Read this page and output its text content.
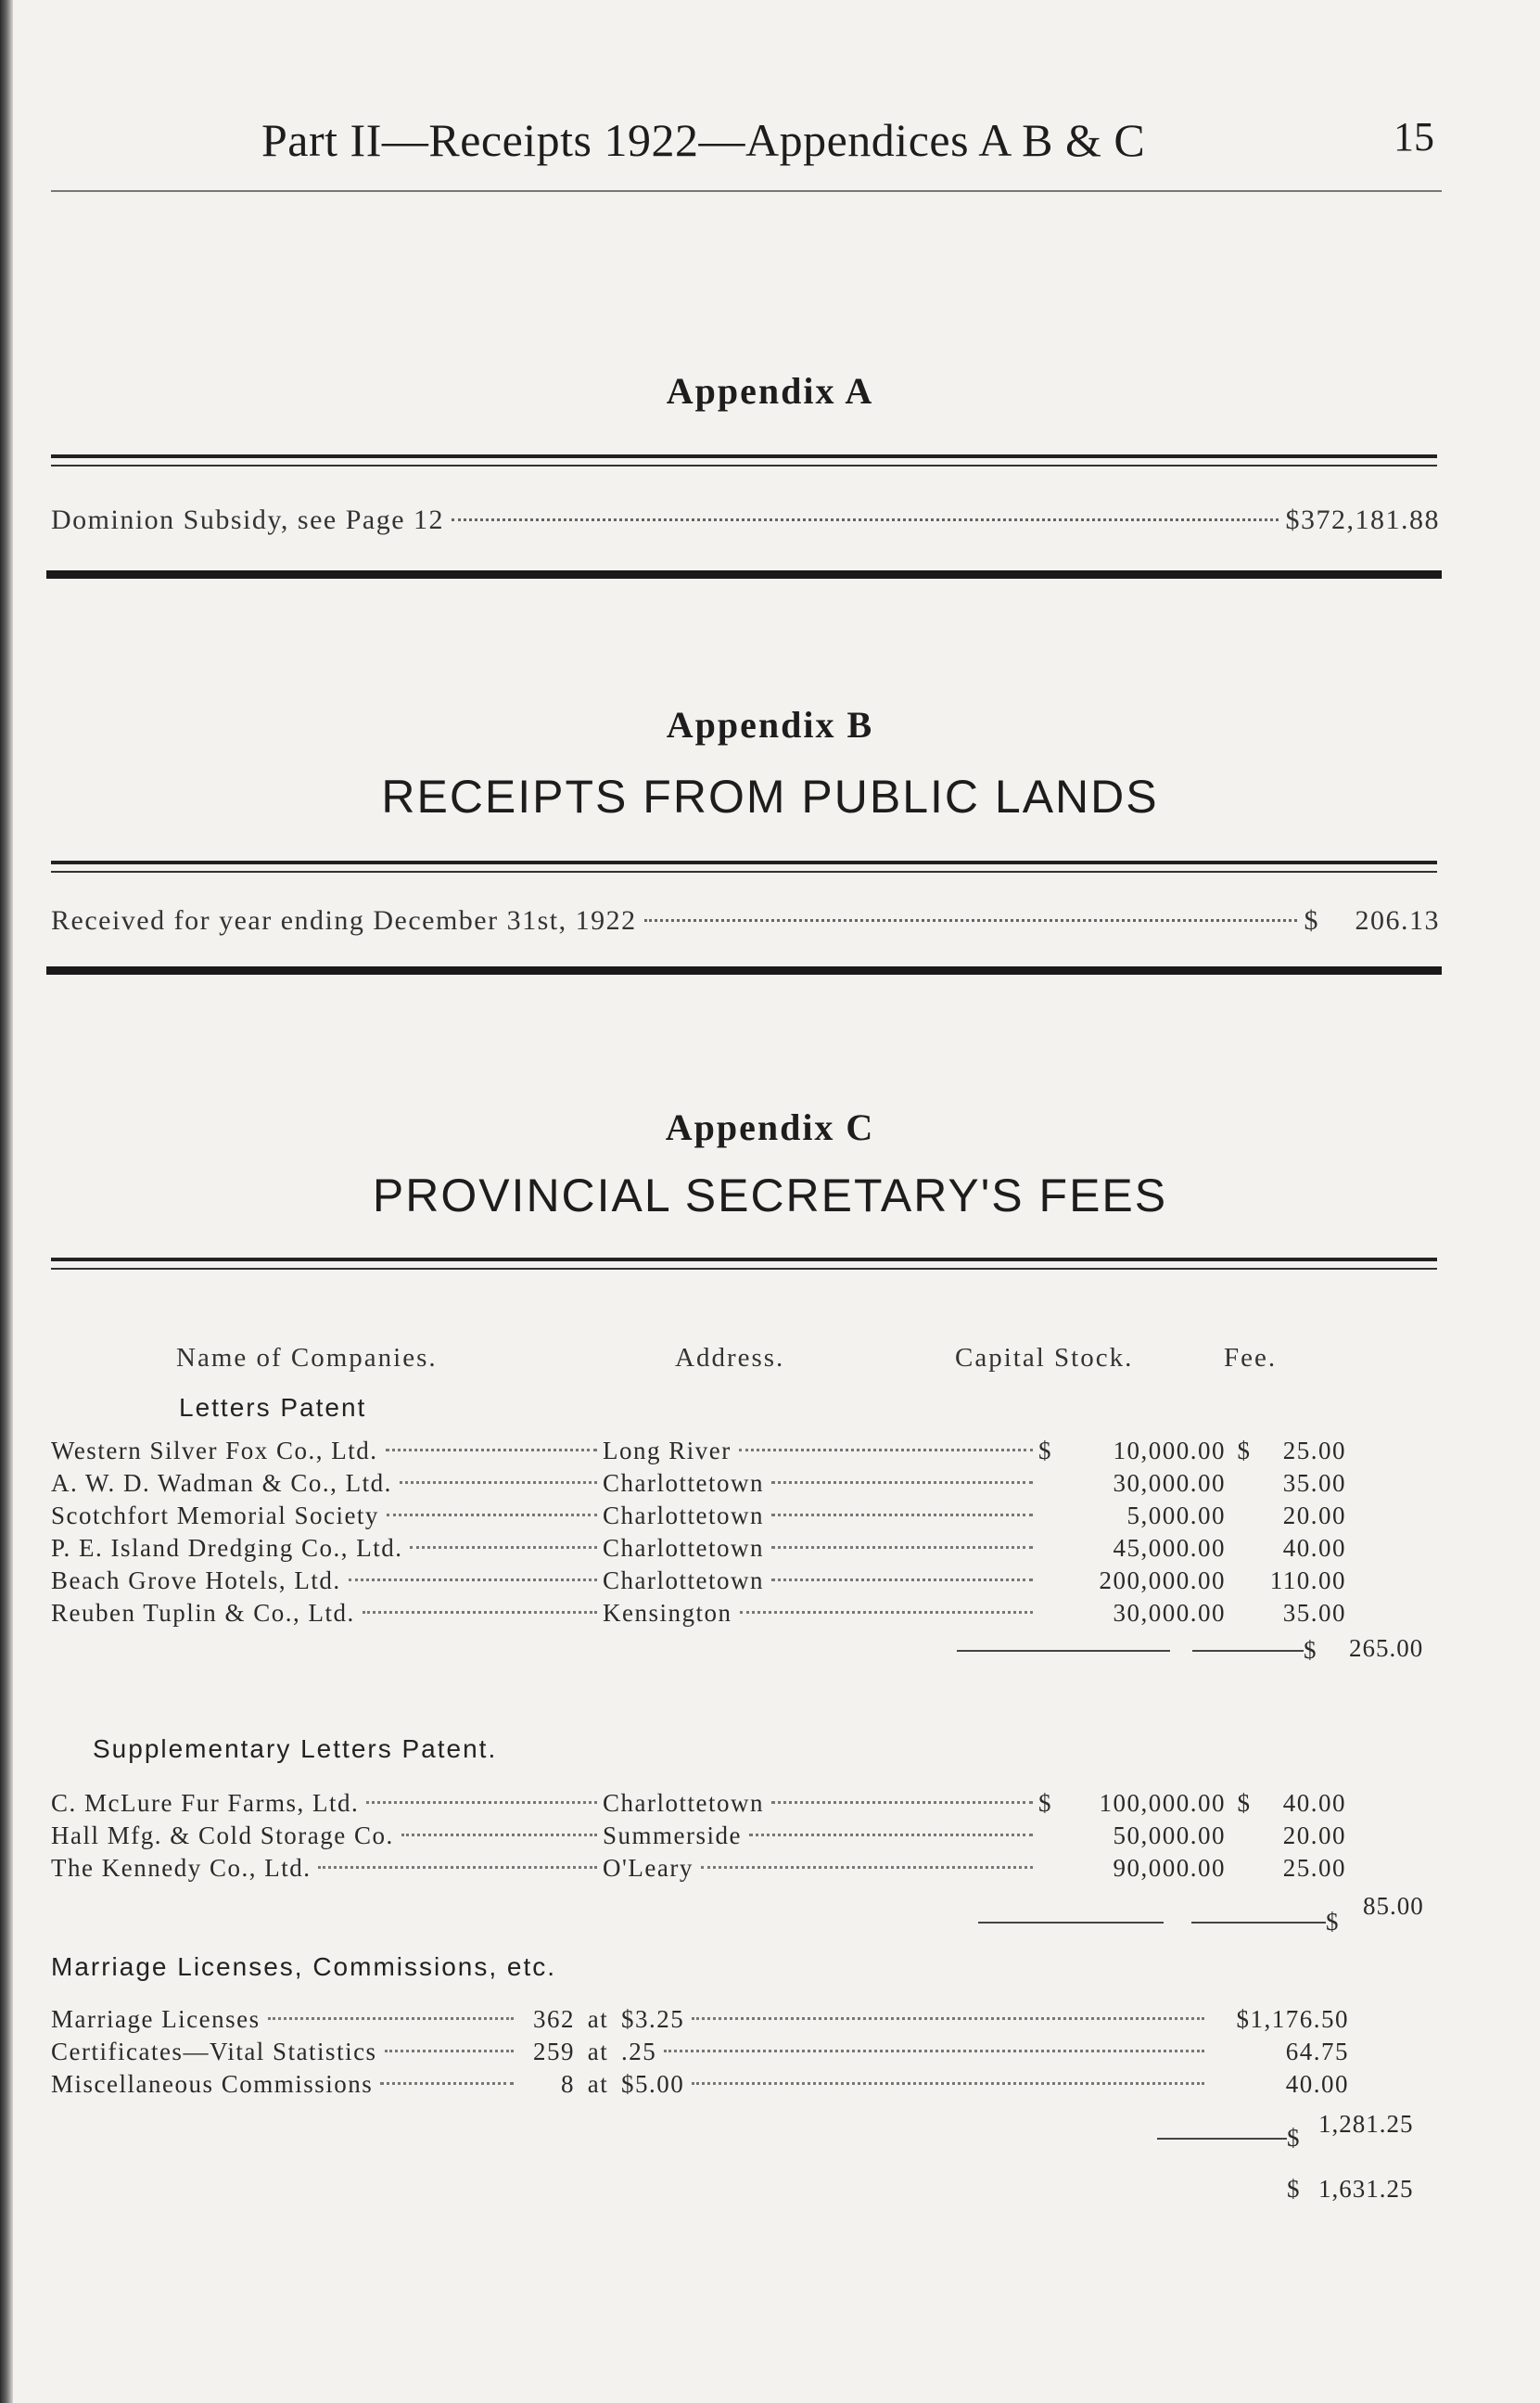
Part II—Receipts 1922—Appendices A B & C	15
Appendix A
Dominion Subsidy, see Page 12	$372,181.88
Appendix B
RECEIPTS FROM PUBLIC LANDS
Received for year ending December 31st, 1922	$	206.13
Appendix C
PROVINCIAL SECRETARY'S FEES
Name of Companies.	Address.	Capital Stock.	Fee.
Letters Patent
Western Silver Fox Co., Ltd.	Long River	$	10,000.00	$	25.00
A. W. D. Wadman & Co., Ltd.	Charlottetown		30,000.00		35.00
Scotchfort Memorial Society	Charlottetown		5,000.00		20.00
P. E. Island Dredging Co., Ltd.	Charlottetown		45,000.00		40.00
Beach Grove Hotels, Ltd.	Charlottetown		200,000.00		110.00
Reuben Tuplin & Co., Ltd.	Kensington		30,000.00		35.00
$ 265.00
Supplementary Letters Patent.
C. McLure Fur Farms, Ltd.	Charlottetown	$	100,000.00	$	40.00
Hall Mfg. & Cold Storage Co.	Summerside		50,000.00		20.00
The Kennedy Co., Ltd.	O'Leary		90,000.00		25.00
$
85.00
Marriage Licenses, Commissions, etc.
Marriage Licenses	362	at	$3.25	$1,176.50
Certificates—Vital Statistics	259	at	.25	64.75
Miscellaneous Commissions	8	at	$5.00	40.00
$ 1,281.25
$ 1,631.25
